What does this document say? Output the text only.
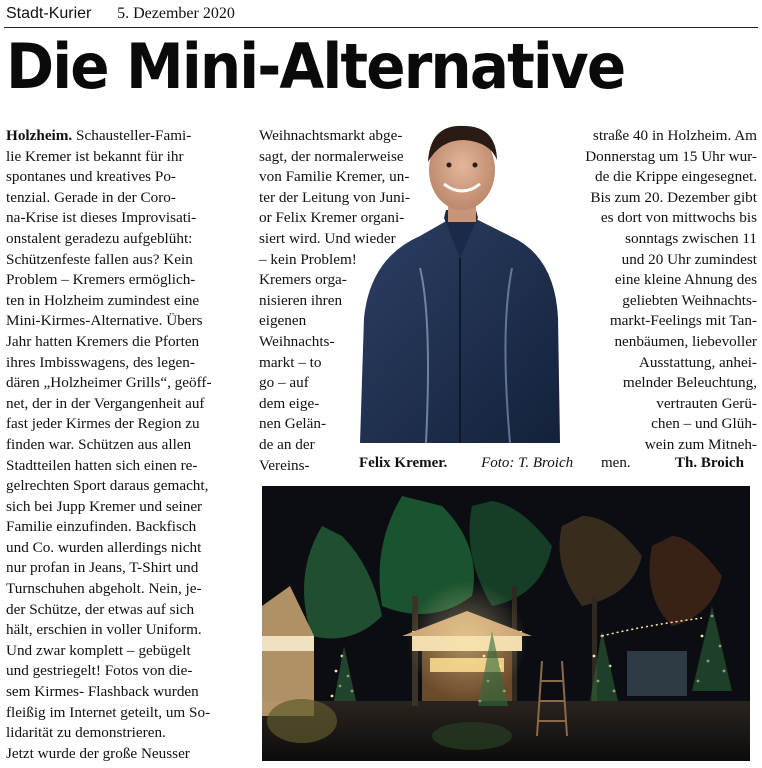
Stadt-Kurier 5. Dezember 2020
Die Mini-Alternative
Holzheim. Schausteller-Fami-
lie Kremer ist bekannt für ihr
spontanes und kreatives Po-
tenzial. Gerade in der Coro-
na-Krise ist dieses Improvisati-
onstalent geradezu aufgeblüht:
Schützenfeste fallen aus? Kein
Problem – Kremers ermöglich-
ten in Holzheim zumindest eine
Mini-Kirmes-Alternative. Übers
Jahr hatten Kremers die Pforten
ihres Imbisswagens, des legen-
dären „Holzheimer Grills“, geöff-
net, der in der Vergangenheit auf
fast jeder Kirmes der Region zu
finden war. Schützen aus allen
Stadtteilen hatten sich einen re-
gelrechten Sport daraus gemacht,
sich bei Jupp Kremer und seiner
Familie einzufinden. Backfisch
und Co. wurden allerdings nicht
nur profan in Jeans, T-Shirt und
Turnschuhen abgeholt. Nein, je-
der Schütze, der etwas auf sich
hält, erschien in voller Uniform.
Und zwar komplett – gebügelt
und gestriegelt! Fotos von die-
sem Kirmes- Flashback wurden
fleißig im Internet geteilt, um So-
lidarität zu demonstrieren.
Jetzt wurde der große Neusser
Weihnachtsmarkt abge-
sagt, der normalerweise
von Familie Kremer, un-
ter der Leitung von Juni-
or Felix Kremer organi-
siert wird. Und wieder
– kein Problem!
Kremers orga-
nisieren ihren
eigenen
Weihnachts-
markt – to
go – auf
dem eige-
nen Gelän-
de an der
Vereins-
straße 40 in Holzheim. Am
Donnerstag um 15 Uhr wur-
de die Krippe eingesegnet.
Bis zum 20. Dezember gibt
es dort von mittwochs bis
sonntags zwischen 11
und 20 Uhr zumindest
eine kleine Ahnung des
geliebten Weihnachts-
markt-Feelings mit Tan-
nenbäumen, liebevoller
Ausstattung, anhei-
melnder Beleuchtung,
vertrauten Gerü-
chen – und Glüh-
wein zum Mitneh-
Felix Kremer. Foto: T. Broich men.	Th. Broich
